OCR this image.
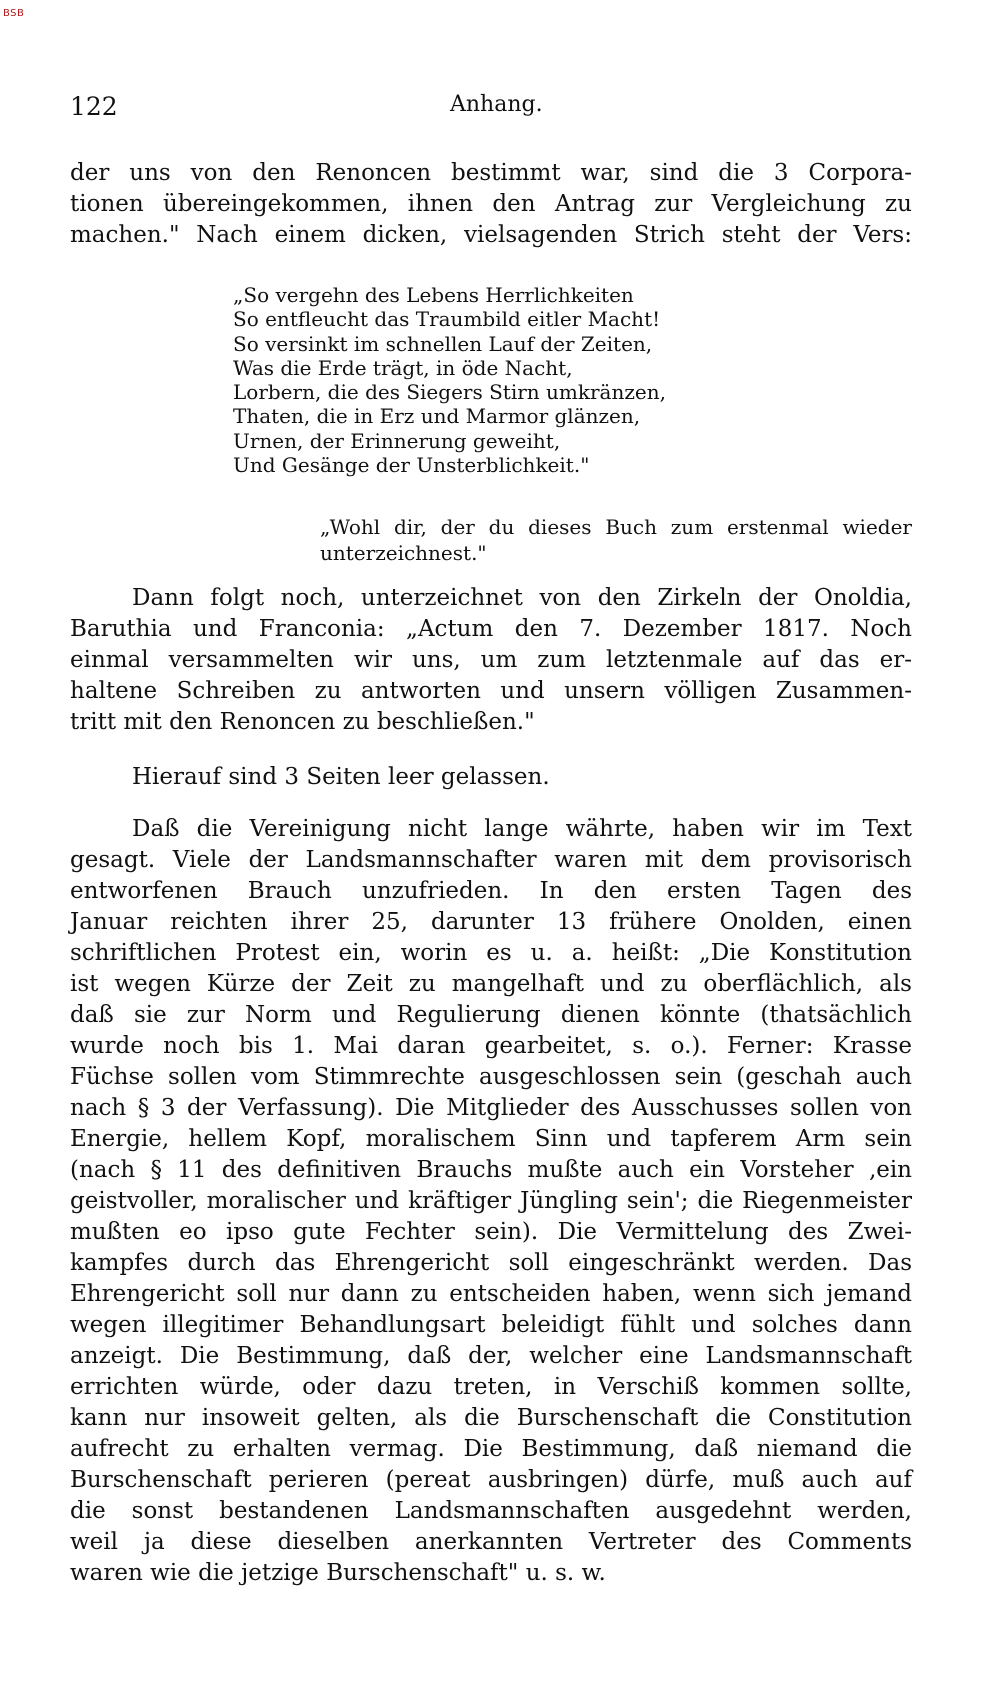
BSB
122	Anhang.
der uns von den Renoncen bestimmt war, sind die 3 Corpora-
tionen übereingekommen, ihnen den Antrag zur Vergleichung zu
machen." Nach einem dicken, vielsagenden Strich steht der Vers:
„So vergehn des Lebens Herrlichkeiten
So entfleucht das Traumbild eitler Macht!
So versinkt im schnellen Lauf der Zeiten,
Was die Erde trägt, in öde Nacht,
Lorbern, die des Siegers Stirn umkränzen,
Thaten, die in Erz und Marmor glänzen,
Urnen, der Erinnerung geweiht,
Und Gesänge der Unsterblichkeit."
„Wohl dir, der du dieses Buch zum erstenmal wieder
unterzeichnest."
Dann folgt noch, unterzeichnet von den Zirkeln der Onoldia,
Baruthia und Franconia: „Actum den 7. Dezember 1817. Noch
einmal versammelten wir uns, um zum letztenmale auf das er-
haltene Schreiben zu antworten und unsern völligen Zusammen-
tritt mit den Renoncen zu beschließen."
Hierauf sind 3 Seiten leer gelassen.
Daß die Vereinigung nicht lange währte, haben wir im Text
gesagt. Viele der Landsmannschafter waren mit dem provisorisch
entworfenen Brauch unzufrieden. In den ersten Tagen des
Januar reichten ihrer 25, darunter 13 frühere Onolden, einen
schriftlichen Protest ein, worin es u. a. heißt: „Die Konstitution
ist wegen Kürze der Zeit zu mangelhaft und zu oberflächlich, als
daß sie zur Norm und Regulierung dienen könnte (thatsächlich
wurde noch bis 1. Mai daran gearbeitet, s. o.). Ferner: Krasse
Füchse sollen vom Stimmrechte ausgeschlossen sein (geschah auch
nach § 3 der Verfassung). Die Mitglieder des Ausschusses sollen von
Energie, hellem Kopf, moralischem Sinn und tapferem Arm sein
(nach § 11 des definitiven Brauchs mußte auch ein Vorsteher ‚ein
geistvoller, moralischer und kräftiger Jüngling sein'; die Riegenmeister
mußten eo ipso gute Fechter sein). Die Vermittelung des Zwei-
kampfes durch das Ehrengericht soll eingeschränkt werden. Das
Ehrengericht soll nur dann zu entscheiden haben, wenn sich jemand
wegen illegitimer Behandlungsart beleidigt fühlt und solches dann
anzeigt. Die Bestimmung, daß der, welcher eine Landsmannschaft
errichten würde, oder dazu treten, in Verschiß kommen sollte,
kann nur insoweit gelten, als die Burschenschaft die Constitution
aufrecht zu erhalten vermag. Die Bestimmung, daß niemand die
Burschenschaft perieren (pereat ausbringen) dürfe, muß auch auf
die sonst bestandenen Landsmannschaften ausgedehnt werden,
weil ja diese dieselben anerkannten Vertreter des Comments
waren wie die jetzige Burschenschaft" u. s. w.
